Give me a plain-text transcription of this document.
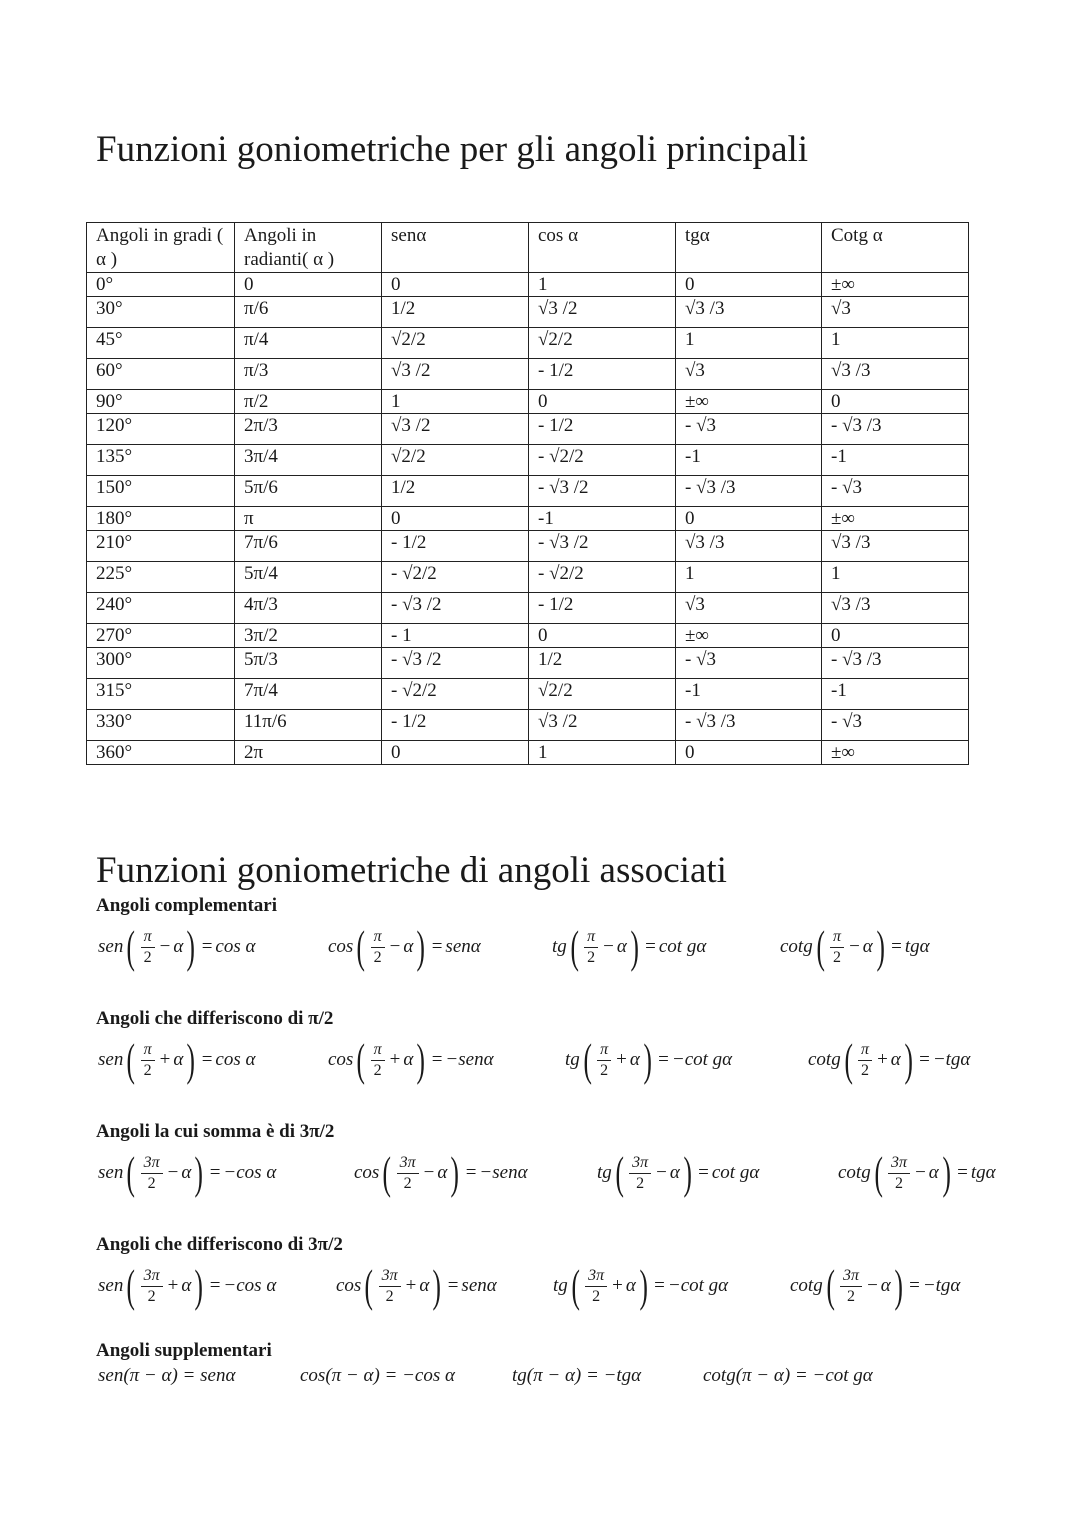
Funzioni goniometriche per gli angoli principali
Angoli in gradi ( α )	Angoli in radianti( α )	senα	cos α	tgα	Cotg α
0°	0	0	1	0	±∞
30°	π/6	1/2	√3 /2	√3 /3	√3
45°	π/4	√2/2	√2/2	1	1
60°	π/3	√3 /2	- 1/2	√3	√3 /3
90°	π/2	1	0	±∞	0
120°	2π/3	√3 /2	- 1/2	- √3	- √3 /3
135°	3π/4	√2/2	- √2/2	-1	-1
150°	5π/6	1/2	- √3 /2	- √3 /3	- √3
180°	π	0	-1	0	±∞
210°	7π/6	- 1/2	- √3 /2	√3 /3	√3 /3
225°	5π/4	- √2/2	- √2/2	1	1
240°	4π/3	- √3 /2	- 1/2	√3	√3 /3
270°	3π/2	- 1	0	±∞	0
300°	5π/3	- √3 /2	1/2	- √3	- √3 /3
315°	7π/4	- √2/2	√2/2	-1	-1
330°	11π/6	- 1/2	√3 /2	- √3 /3	- √3
360°	2π	0	1	0	±∞
Funzioni goniometriche di angoli associati
Angoli complementari
sen ( $\frac{\pi}{2} - \alpha$ ) = cos α	cos ( $\frac{\pi}{2} - \alpha$ ) = senα	tg ( $\frac{\pi}{2} - \alpha$ ) = cot gα	cotg ( $\frac{\pi}{2} - \alpha$ ) = tgα
Angoli che differiscono di π/2
sen ( $\frac{\pi}{2} + \alpha$ ) = cos α	cos ( $\frac{\pi}{2} + \alpha$ ) = −senα	tg ( $\frac{\pi}{2} + \alpha$ ) = −cot gα	cotg ( $\frac{\pi}{2} + \alpha$ ) = −tgα
Angoli la cui somma è di 3π/2
sen ( $\frac{3\pi}{2} - \alpha$ ) = −cos α	cos ( $\frac{3\pi}{2} - \alpha$ ) = −senα	tg ( $\frac{3\pi}{2} - \alpha$ ) = cot gα	cotg ( $\frac{3\pi}{2} - \alpha$ ) = tgα
Angoli che differiscono di 3π/2
sen ( $\frac{3\pi}{2} + \alpha$ ) = −cos α	cos ( $\frac{3\pi}{2} + \alpha$ ) = senα	tg ( $\frac{3\pi}{2} + \alpha$ ) = −cot gα	cotg ( $\frac{3\pi}{2} - \alpha$ ) = −tgα
Angoli supplementari
sen(π − α) = senα	cos(π − α) = −cos α	tg(π − α) = −tgα	cotg(π − α) = −cot gα
